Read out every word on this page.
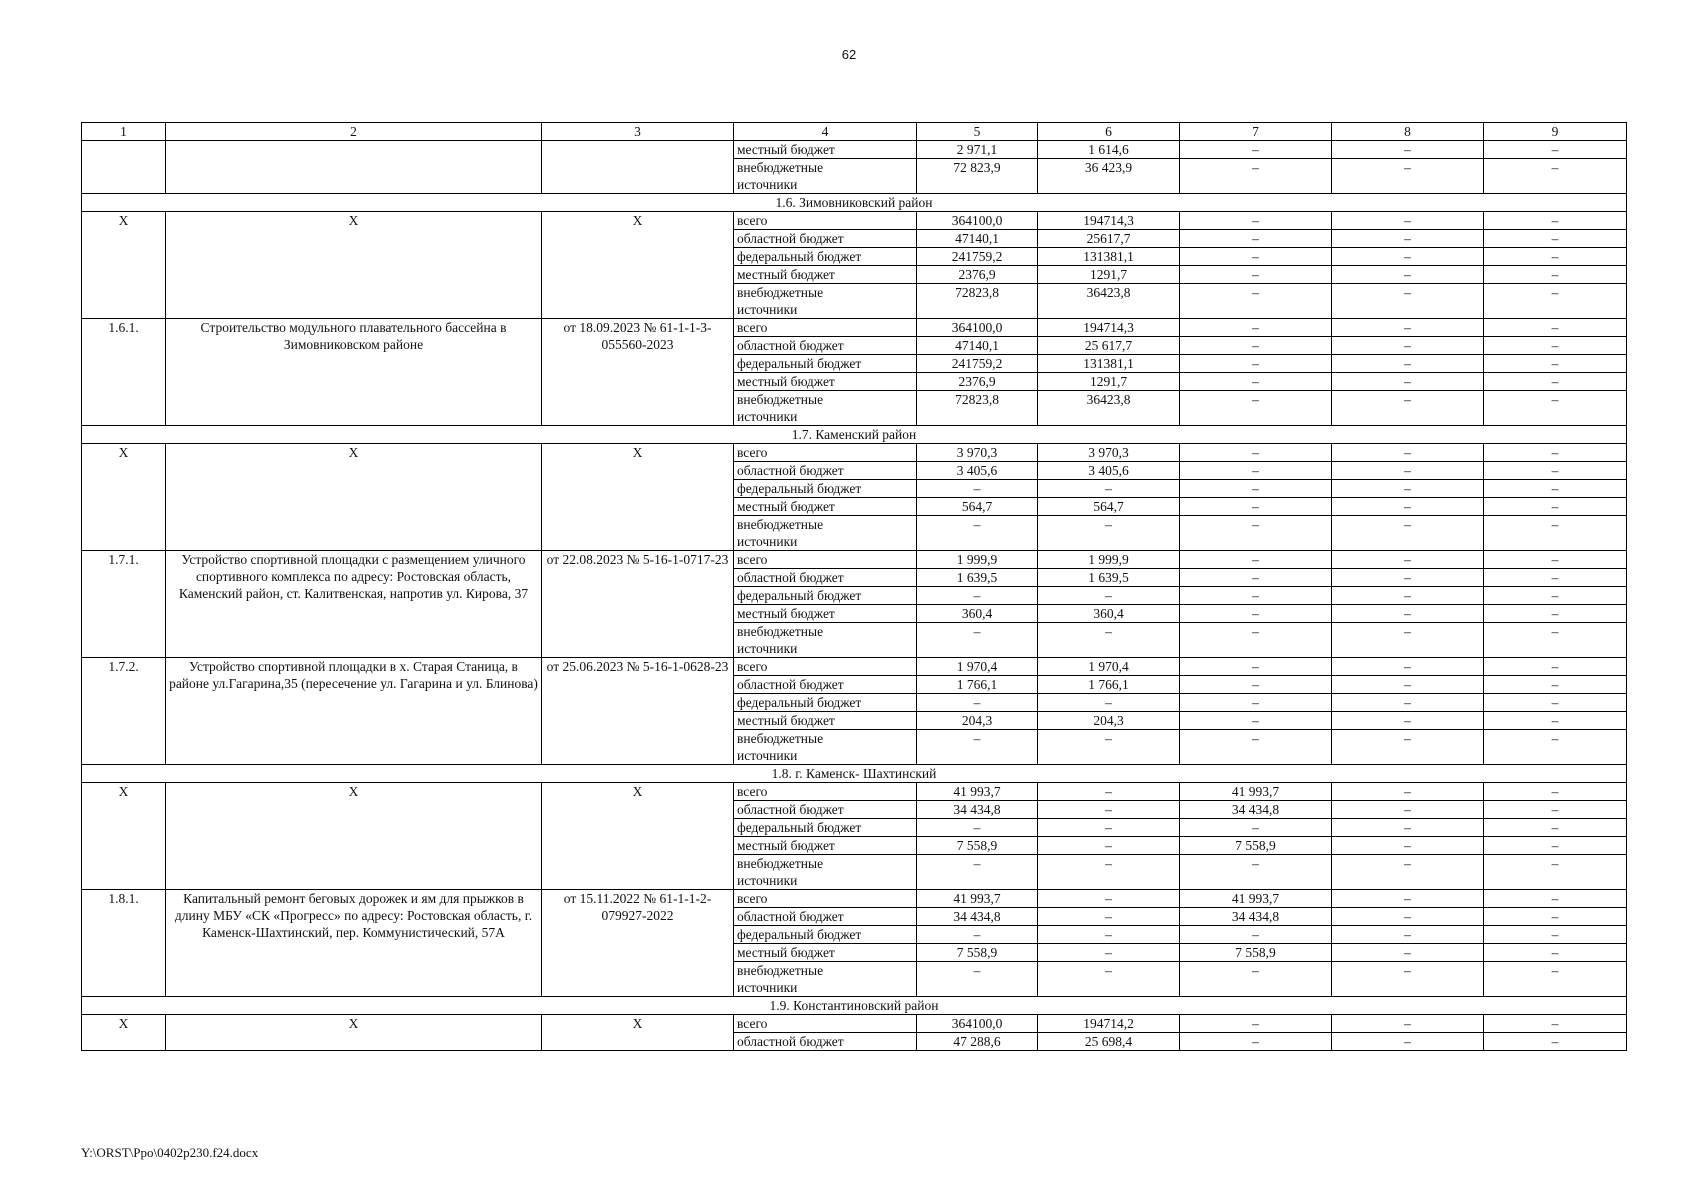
62
1	2	3	4	5	6	7	8	9
			местный бюджет	2 971,1	1 614,6	–	–	–
			внебюджетные
источники	72 823,9	36 423,9	–	–	–
1.6. Зимовниковский район								
X	X	X	всего	364100,0	194714,3	–	–	–
			областной бюджет	47140,1	25617,7	–	–	–
			федеральный бюджет	241759,2	131381,1	–	–	–
			местный бюджет	2376,9	1291,7	–	–	–
			внебюджетные
источники	72823,8	36423,8	–	–	–
1.6.1.	Строительство модульного плавательного бассейна в Зимовниковском районе	от 18.09.2023 № 61-1-1-3-055560-2023	всего	364100,0	194714,3	–	–	–
			областной бюджет	47140,1	25 617,7	–	–	–
			федеральный бюджет	241759,2	131381,1	–	–	–
			местный бюджет	2376,9	1291,7	–	–	–
			внебюджетные
источники	72823,8	36423,8	–	–	–
1.7. Каменский район								
X	X	X	всего	3 970,3	3 970,3	–	–	–
			областной бюджет	3 405,6	3 405,6	–	–	–
			федеральный бюджет	–	–	–	–	–
			местный бюджет	564,7	564,7	–	–	–
			внебюджетные
источники	–	–	–	–	–
1.7.1.	Устройство спортивной площадки с размещением уличного спортивного комплекса по адресу: Ростовская область, Каменский район, ст. Калитвенская, напротив ул. Кирова, 37	от 22.08.2023 № 5-16-1-0717-23	всего	1 999,9	1 999,9	–	–	–
			областной бюджет	1 639,5	1 639,5	–	–	–
			федеральный бюджет	–	–	–	–	–
			местный бюджет	360,4	360,4	–	–	–
			внебюджетные
источники	–	–	–	–	–
1.7.2.	Устройство спортивной площадки в х. Старая Станица, в районе ул.Гагарина,35 (пересечение ул. Гагарина и ул. Блинова)	от 25.06.2023 № 5-16-1-0628-23	всего	1 970,4	1 970,4	–	–	–
			областной бюджет	1 766,1	1 766,1	–	–	–
			федеральный бюджет	–	–	–	–	–
			местный бюджет	204,3	204,3	–	–	–
			внебюджетные
источники	–	–	–	–	–
1.8. г. Каменск- Шахтинский								
X	X	X	всего	41 993,7	–	41 993,7	–	–
			областной бюджет	34 434,8	–	34 434,8	–	–
			федеральный бюджет	–	–	–	–	–
			местный бюджет	7 558,9	–	7 558,9	–	–
			внебюджетные
источники	–	–	–	–	–
1.8.1.	Капитальный ремонт беговых дорожек и ям для прыжков в длину МБУ «СК «Прогресс» по адресу: Ростовская область, г. Каменск-Шахтинский, пер. Коммунистический, 57А	от 15.11.2022 № 61-1-1-2-079927-2022	всего	41 993,7	–	41 993,7	–	–
			областной бюджет	34 434,8	–	34 434,8	–	–
			федеральный бюджет	–	–	–	–	–
			местный бюджет	7 558,9	–	7 558,9	–	–
			внебюджетные
источники	–	–	–	–	–
1.9. Константиновский район								
X	X	X	всего	364100,0	194714,2	–	–	–
			областной бюджет	47 288,6	25 698,4	–	–	–
Y:\ORST\Ppo\0402p230.f24.docx
